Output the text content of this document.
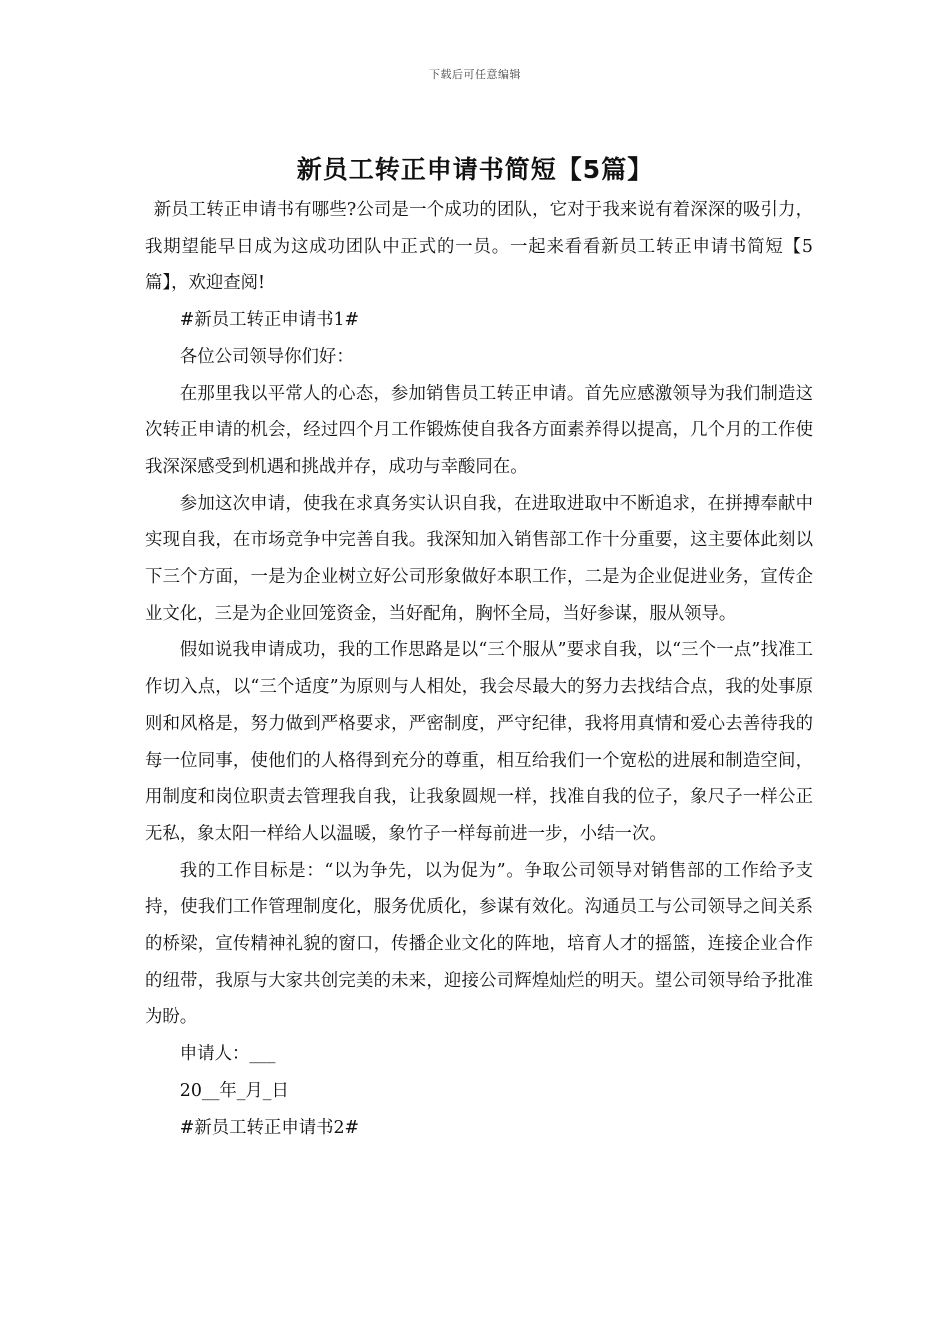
下载后可任意编辑
新员工转正申请书简短【5篇】

新员工转正申请书有哪些?公司是一个成功的团队，它对于我来说有着深深的吸引力，我期望能早日成为这成功团队中正式的一员。一起来看看新员工转正申请书简短【5篇】，欢迎查阅!

#新员工转正申请书1#

各位公司领导你们好：

在那里我以平常人的心态，参加销售员工转正申请。首先应感激领导为我们制造这次转正申请的机会，经过四个月工作锻炼使自我各方面素养得以提高，几个月的工作使我深深感受到机遇和挑战并存，成功与幸酸同在。

参加这次申请，使我在求真务实认识自我，在进取进取中不断追求，在拼搏奉献中实现自我，在市场竞争中完善自我。我深知加入销售部工作十分重要，这主要体此刻以下三个方面，一是为企业树立好公司形象做好本职工作，二是为企业促进业务，宣传企业文化，三是为企业回笼资金，当好配角，胸怀全局，当好参谋，服从领导。

假如说我申请成功，我的工作思路是以“三个服从”要求自我，以“三个一点”找准工作切入点，以“三个适度”为原则与人相处，我会尽最大的努力去找结合点，我的处事原则和风格是，努力做到严格要求，严密制度，严守纪律，我将用真情和爱心去善待我的每一位同事，使他们的人格得到充分的尊重，相互给我们一个宽松的进展和制造空间，用制度和岗位职责去管理我自我，让我象圆规一样，找准自我的位子，象尺子一样公正无私，象太阳一样给人以温暖，象竹子一样每前进一步，小结一次。

我的工作目标是：“以为争先，以为促为”。争取公司领导对销售部的工作给予支持，使我们工作管理制度化，服务优质化，参谋有效化。沟通员工与公司领导之间关系的桥梁，宣传精神礼貌的窗口，传播企业文化的阵地，培育人才的摇篮，连接企业合作的纽带，我原与大家共创完美的未来，迎接公司辉煌灿烂的明天。望公司领导给予批准为盼。

申请人：___

20__年_月_日

#新员工转正申请书2#
